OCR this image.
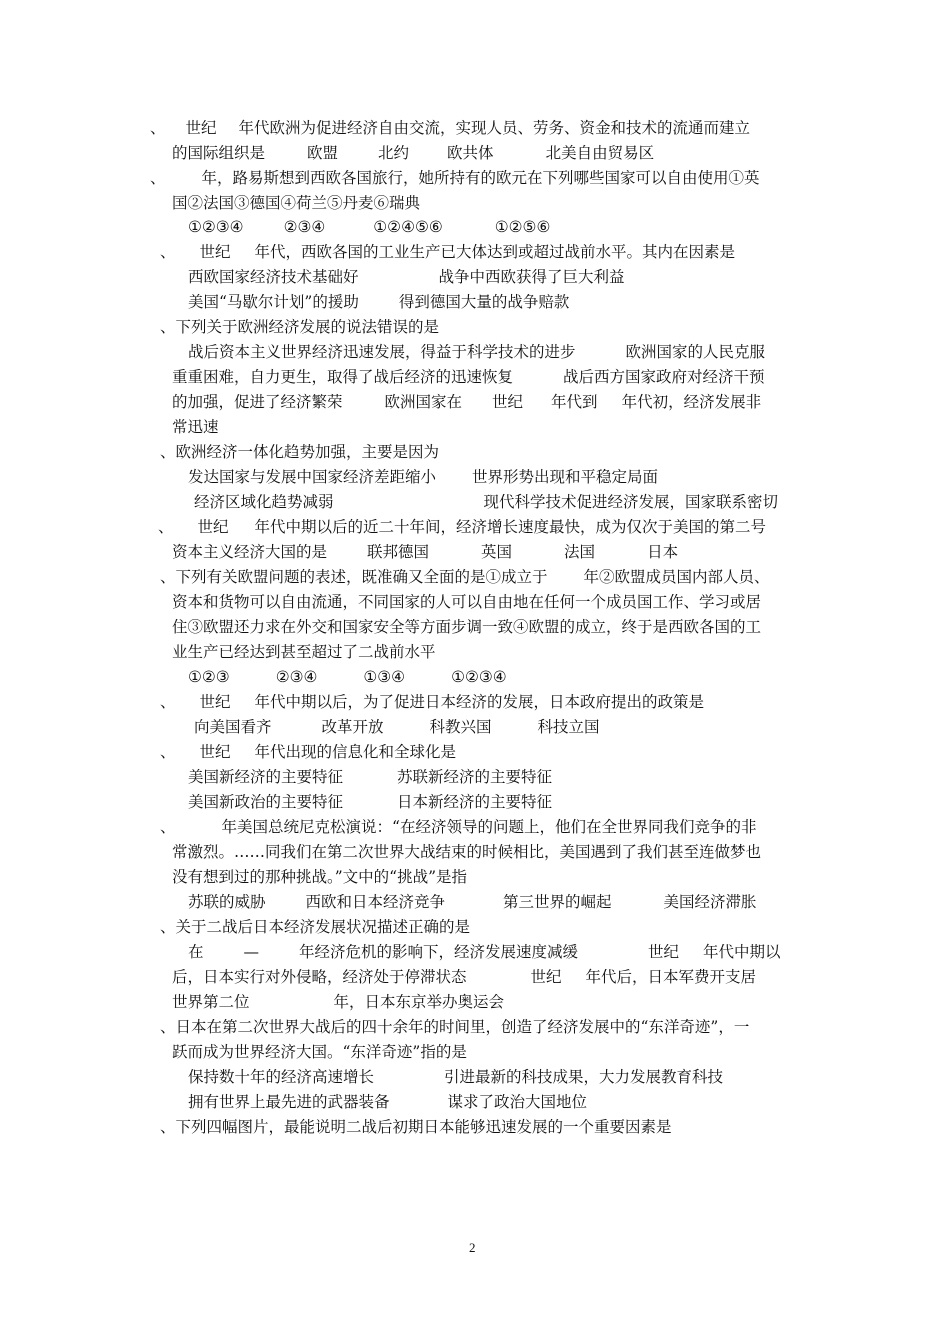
、 世纪 年代欧洲为促进经济自由交流，实现人员、劳务、资金和技术的流通而建立
的国际组织是	欧盟	北约 欧共体	北美自由贸易区
、 年，路易斯想到西欧各国旅行，她所持有的欧元在下列哪些国家可以自由使用①英
国②法国③德国④荷兰⑤丹麦⑥瑞典
①②③④	②③④	①②④⑤⑥	①②⑤⑥
、 世纪 年代，西欧各国的工业生产已大体达到或超过战前水平。其内在因素是
西欧国家经济技术基础好	战争中西欧获得了巨大利益
美国“马歇尔计划”的援助	得到德国大量的战争赔款
、下列关于欧洲经济发展的说法错误的是
战后资本主义世界经济迅速发展，得益于科学技术的进步	欧洲国家的人民克服
重重困难，自力更生，取得了战后经济的迅速恢复	战后西方国家政府对经济干预
的加强，促进了经济繁荣	欧洲国家在 世纪 年代到 年代初，经济发展非
常迅速
、欧洲经济一体化趋势加强，主要是因为
发达国家与发展中国家经济差距缩小 世界形势出现和平稳定局面
经济区域化趋势减弱	现代科学技术促进经济发展，国家联系密切
、 世纪 年代中期以后的近二十年间，经济增长速度最快，成为仅次于美国的第二号
资本主义经济大国的是	联邦德国	英国	法国	日本
、下列有关欧盟问题的表述，既准确又全面的是①成立于 年②欧盟成员国内部人员、
资本和货物可以自由流通，不同国家的人可以自由地在任何一个成员国工作、学习或居
住③欧盟还力求在外交和国家安全等方面步调一致④欧盟的成立，终于是西欧各国的工
业生产已经达到甚至超过了二战前水平
①②③	②③④	①③④	①②③④
、 世纪 年代中期以后，为了促进日本经济的发展，日本政府提出的政策是
向美国看齐	改革开放	科教兴国	科技立国
、 世纪 年代出现的信息化和全球化是
美国新经济的主要特征	苏联新经济的主要特征
美国新政治的主要特征	日本新经济的主要特征
、	年美国总统尼克松演说：“在经济领导的问题上，他们在全世界同我们竞争的非
常激烈。……同我们在第二次世界大战结束的时候相比，美国遇到了我们甚至连做梦也
没有想到过的那种挑战。”文中的“挑战”是指
苏联的威胁	西欧和日本经济竞争	第三世界的崛起	美国经济滞胀
、关于二战后日本经济发展状况描述正确的是
在	—	年经济危机的影响下，经济发展速度减缓	世纪 年代中期以
后，日本实行对外侵略，经济处于停滞状态	世纪 年代后，日本军费开支居
世界第二位	年，日本东京举办奥运会
、日本在第二次世界大战后的四十余年的时间里，创造了经济发展中的“东洋奇迹”，一
跃而成为世界经济大国。“东洋奇迹”指的是
保持数十年的经济高速增长	引进最新的科技成果，大力发展教育科技
拥有世界上最先进的武器装备	谋求了政治大国地位
、下列四幅图片，最能说明二战后初期日本能够迅速发展的一个重要因素是
2
